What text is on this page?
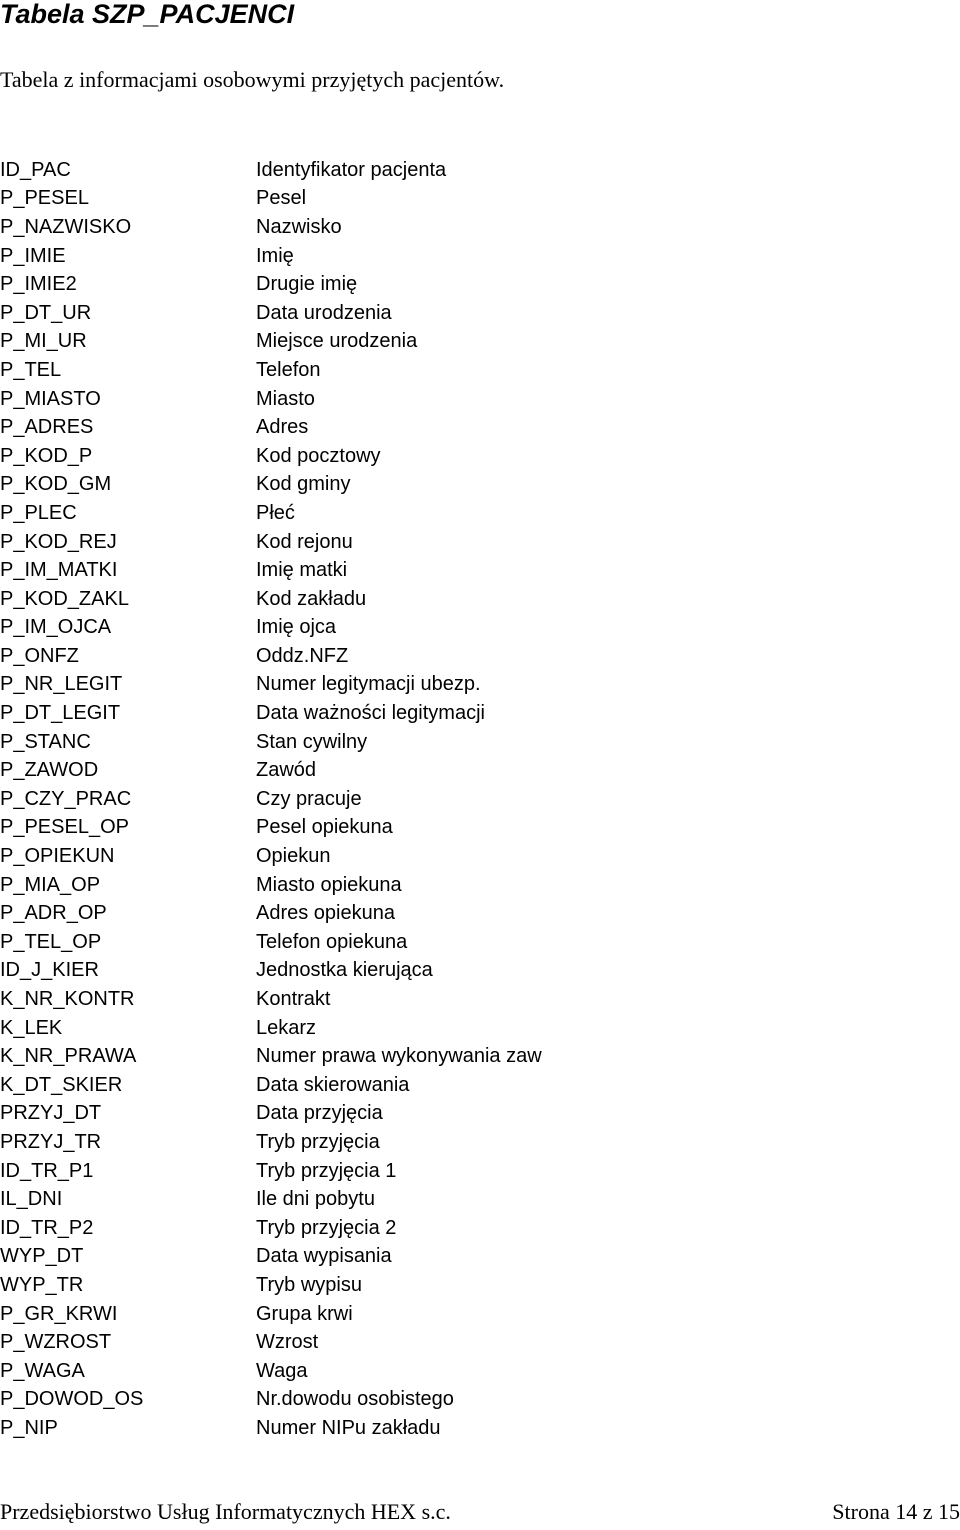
Tabela SZP_PACJENCI

Tabela z informacjami osobowymi przyjętych pacjentów.

ID_PAC	Identyfikator pacjenta
P_PESEL	Pesel
P_NAZWISKO	Nazwisko
P_IMIE	Imię
P_IMIE2	Drugie imię
P_DT_UR	Data urodzenia
P_MI_UR	Miejsce urodzenia
P_TEL	Telefon
P_MIASTO	Miasto
P_ADRES	Adres
P_KOD_P	Kod pocztowy
P_KOD_GM	Kod gminy
P_PLEC	Płeć
P_KOD_REJ	Kod rejonu
P_IM_MATKI	Imię matki
P_KOD_ZAKL	Kod zakładu
P_IM_OJCA	Imię ojca
P_ONFZ	Oddz.NFZ
P_NR_LEGIT	Numer legitymacji ubezp.
P_DT_LEGIT	Data ważności legitymacji
P_STANC	Stan cywilny
P_ZAWOD	Zawód
P_CZY_PRAC	Czy pracuje
P_PESEL_OP	Pesel opiekuna
P_OPIEKUN	Opiekun
P_MIA_OP	Miasto opiekuna
P_ADR_OP	Adres opiekuna
P_TEL_OP	Telefon opiekuna
ID_J_KIER	Jednostka kierująca
K_NR_KONTR	Kontrakt
K_LEK	Lekarz
K_NR_PRAWA	Numer prawa wykonywania zaw
K_DT_SKIER	Data skierowania
PRZYJ_DT	Data przyjęcia
PRZYJ_TR	Tryb przyjęcia
ID_TR_P1	Tryb przyjęcia 1
IL_DNI	Ile dni pobytu
ID_TR_P2	Tryb przyjęcia 2
WYP_DT	Data wypisania
WYP_TR	Tryb wypisu
P_GR_KRWI	Grupa krwi
P_WZROST	Wzrost
P_WAGA	Waga
P_DOWOD_OS	Nr.dowodu osobistego
P_NIP	Numer NIPu zakładu
Przedsiębiorstwo Usług Informatycznych HEX s.c.	Strona 14 z 15
